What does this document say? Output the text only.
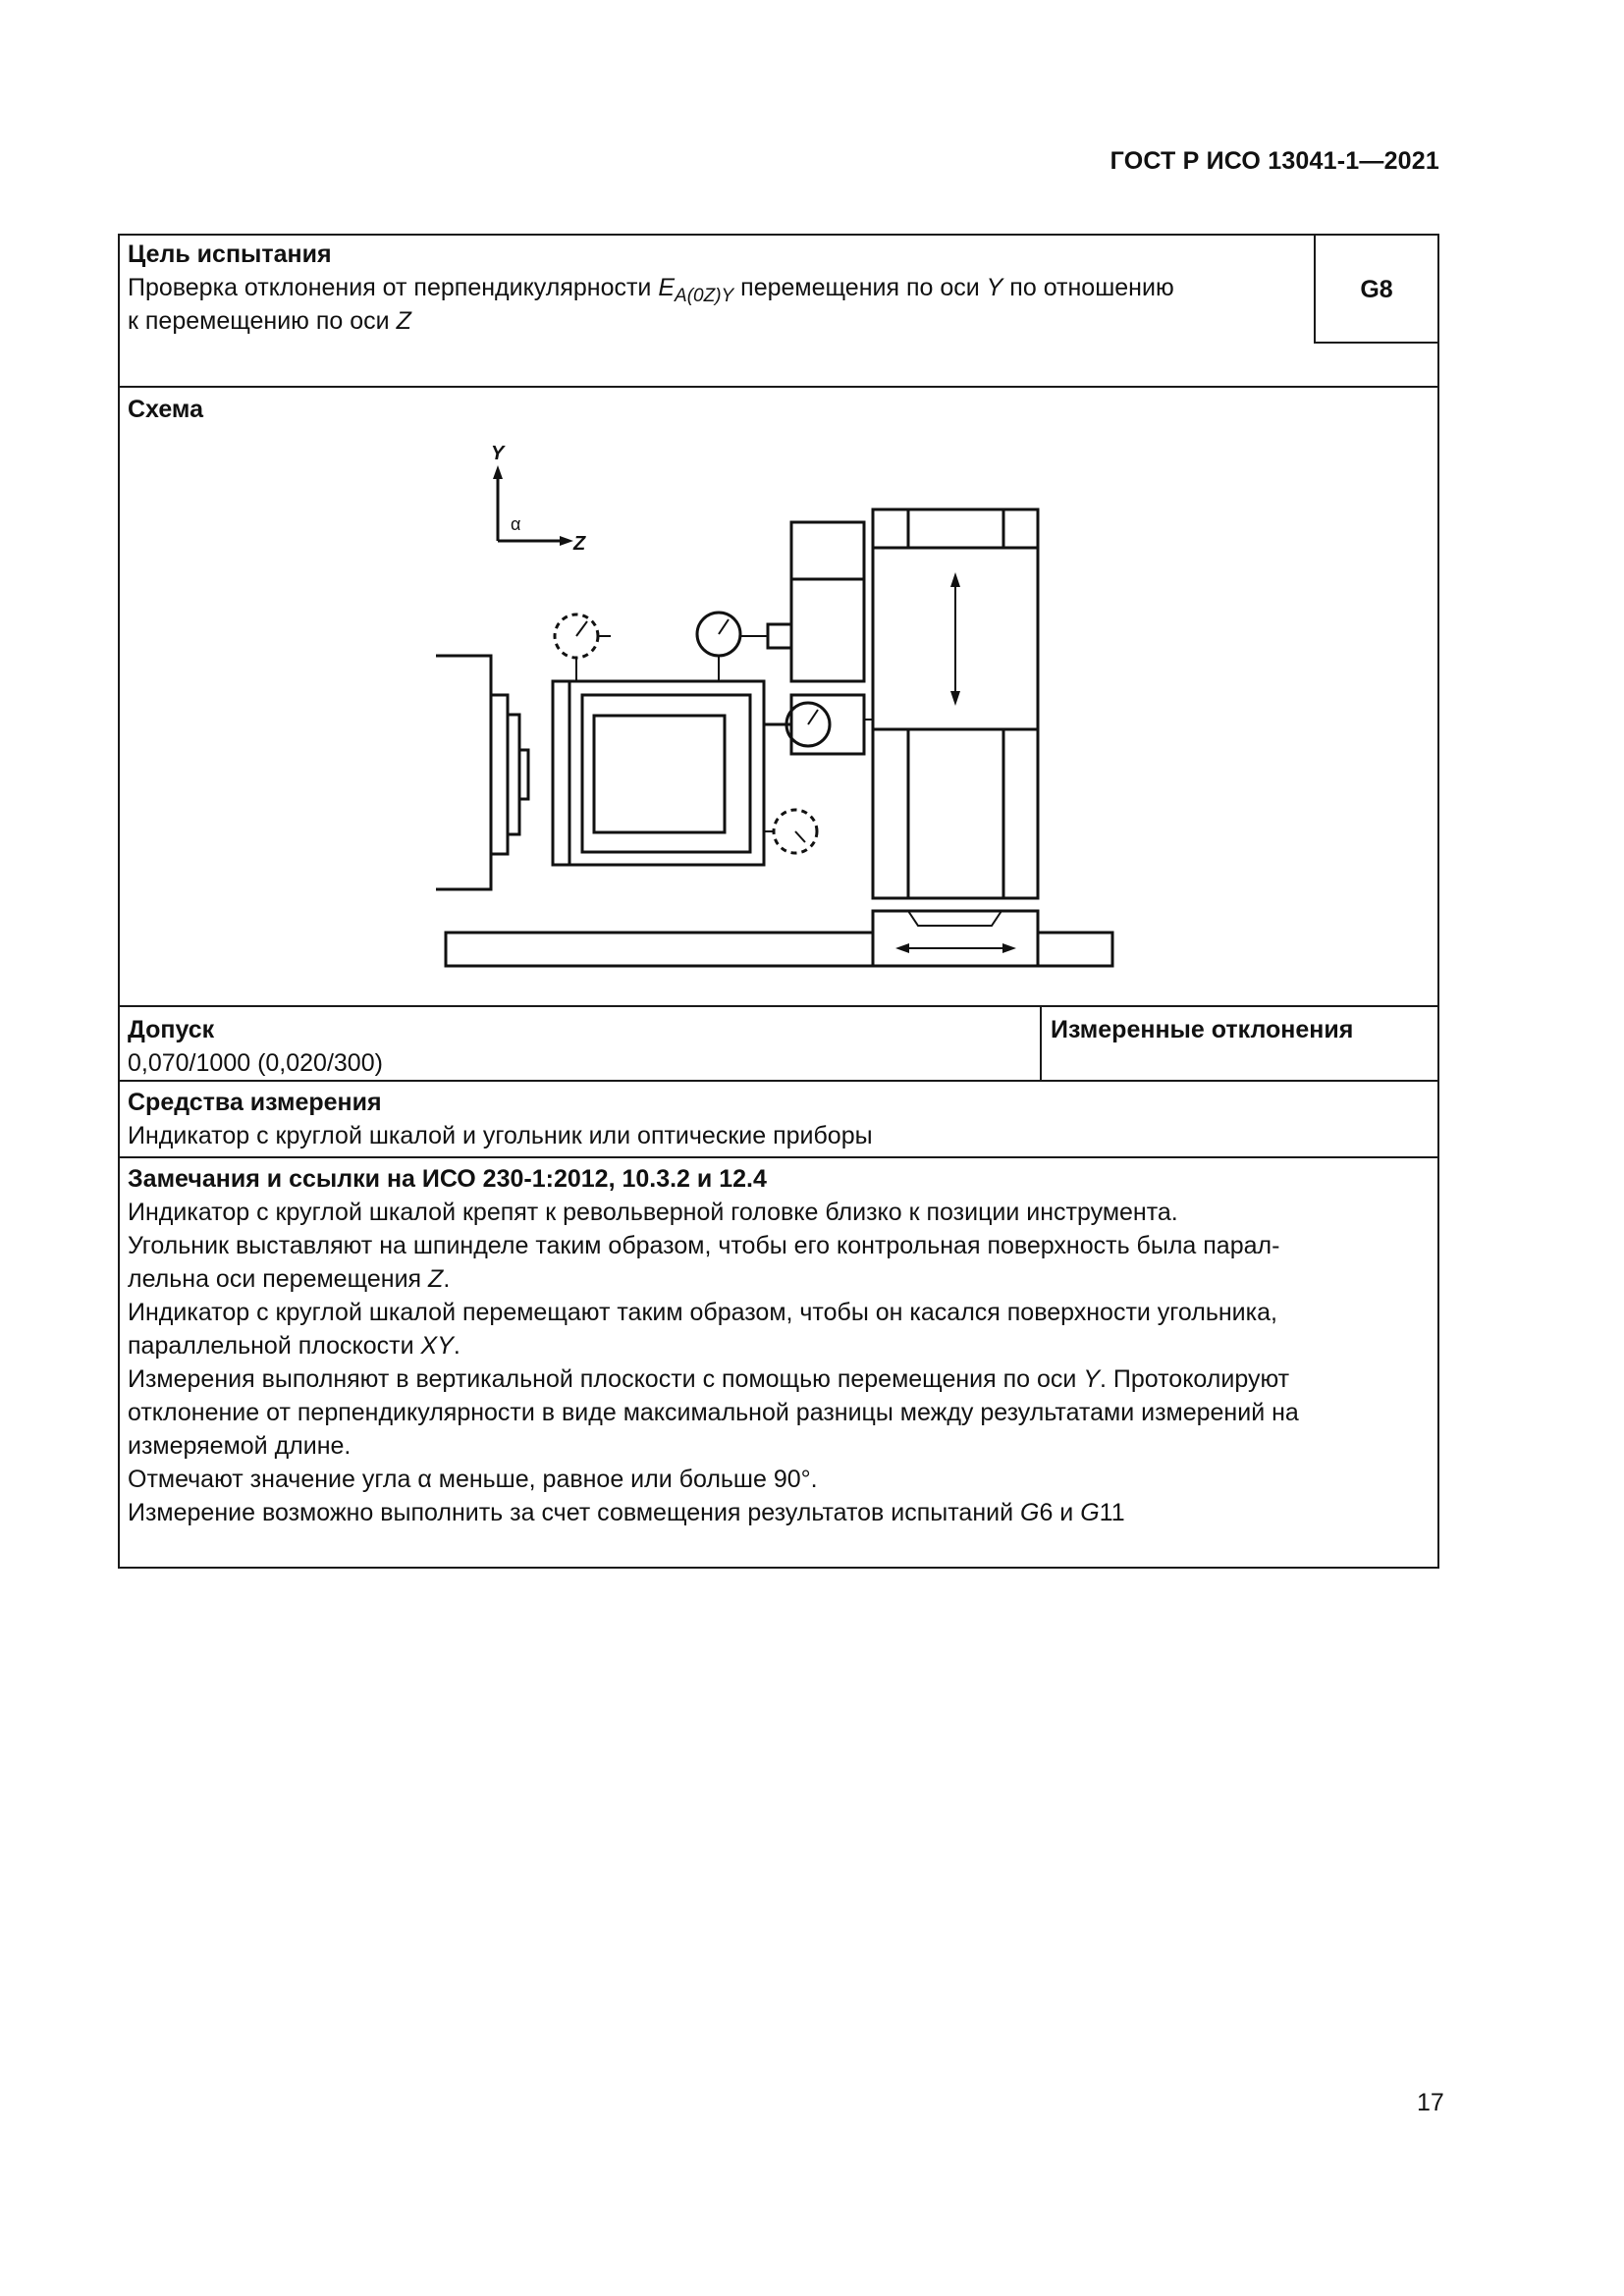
ГОСТ Р ИСО 13041-1—2021
Цель испытания
Проверка отклонения от перпендикулярности $E_{A(0Z)Y}$ перемещения по оси Y по отношению
к перемещению по оси Z
G8
Схема
Y
Z
α
Допуск
0,070/1000 (0,020/300)
Измеренные отклонения
Средства измерения
Индикатор с круглой шкалой и угольник или оптические приборы
Замечания и ссылки на ИСО 230-1:2012, 10.3.2 и 12.4
Индикатор с круглой шкалой крепят к револьверной головке близко к позиции инструмента.
Угольник выставляют на шпинделе таким образом, чтобы его контрольная поверхность была парал-
лельна оси перемещения Z.
Индикатор с круглой шкалой перемещают таким образом, чтобы он касался поверхности угольника,
параллельной плоскости XY.
Измерения выполняют в вертикальной плоскости с помощью перемещения по оси Y. Протоколируют
отклонение от перпендикулярности в виде максимальной разницы между результатами измерений на
измеряемой длине.
Отмечают значение угла α меньше, равное или больше 90°.
Измерение возможно выполнить за счет совмещения результатов испытаний G6 и G11
17
